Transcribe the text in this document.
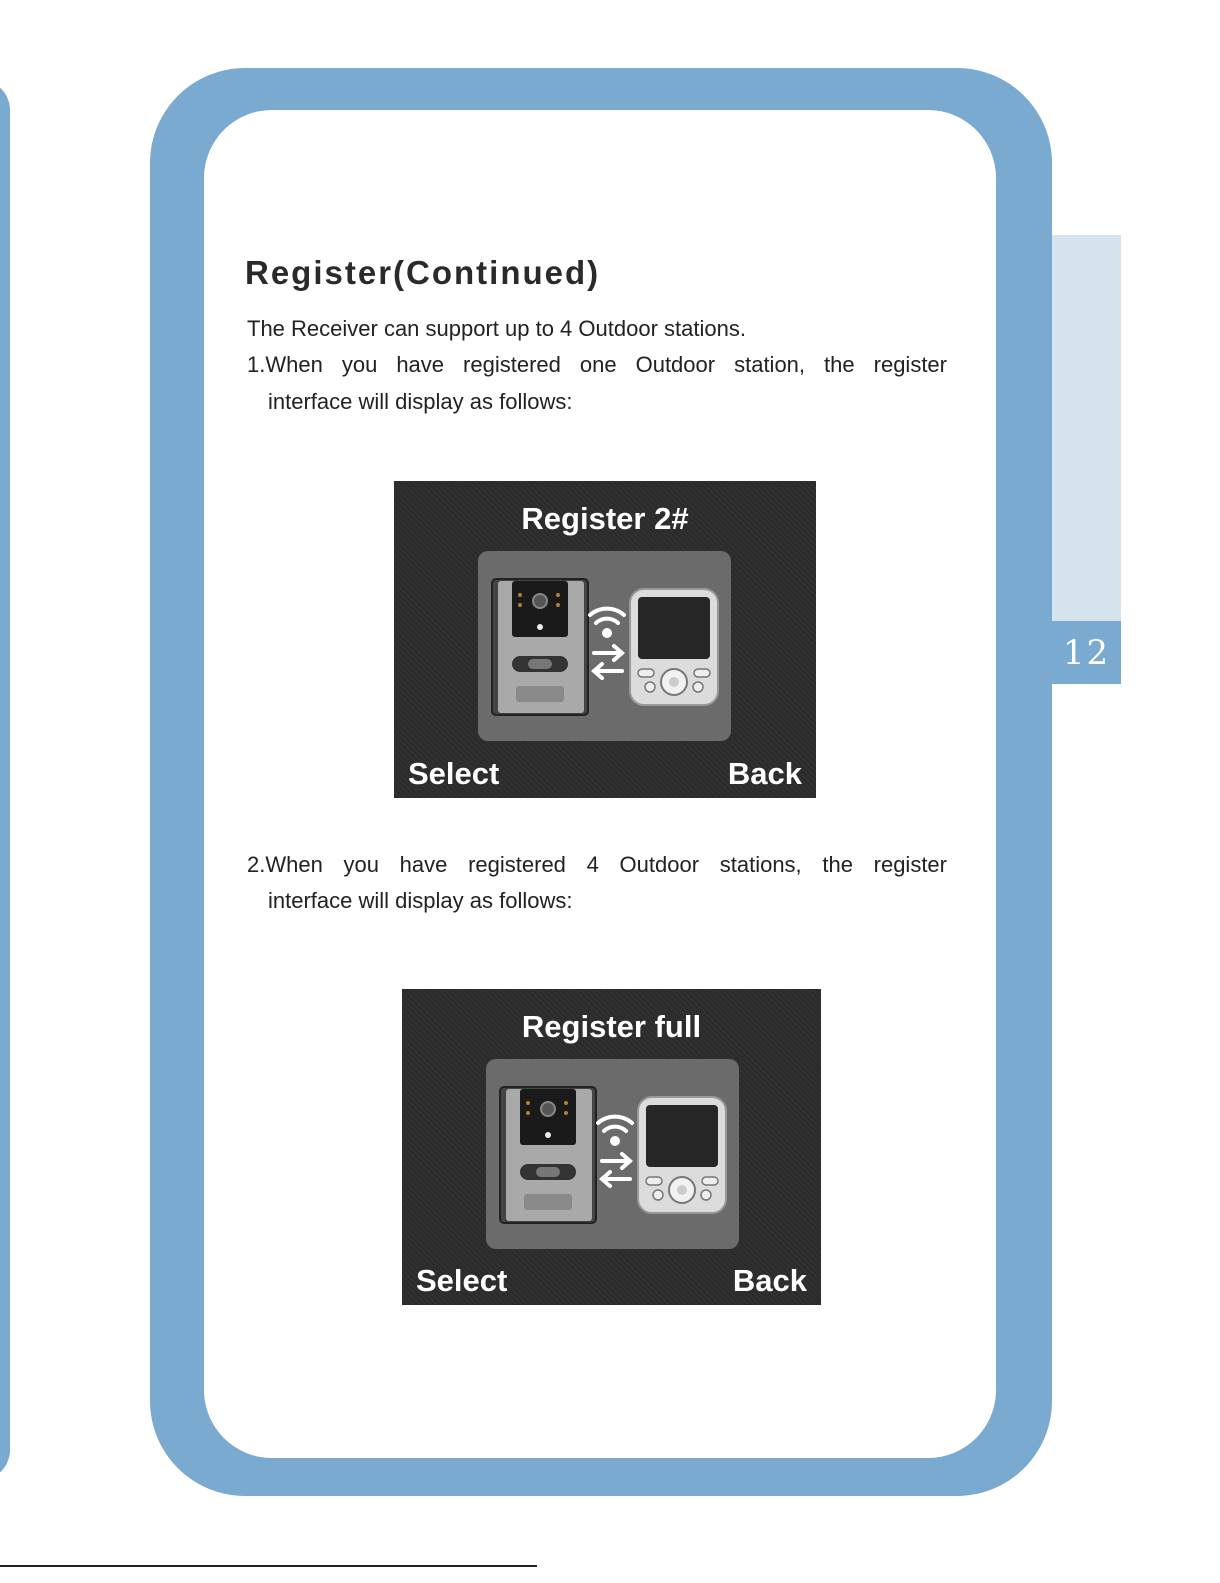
12
Register(Continued)

The Receiver can support up to 4 Outdoor stations.

1.When you have registered one Outdoor station, the register

interface will display as follows:

Register 2#
Select	Back

2.When you have registered 4 Outdoor stations, the register

interface will display as follows:

Register full
Select	Back
